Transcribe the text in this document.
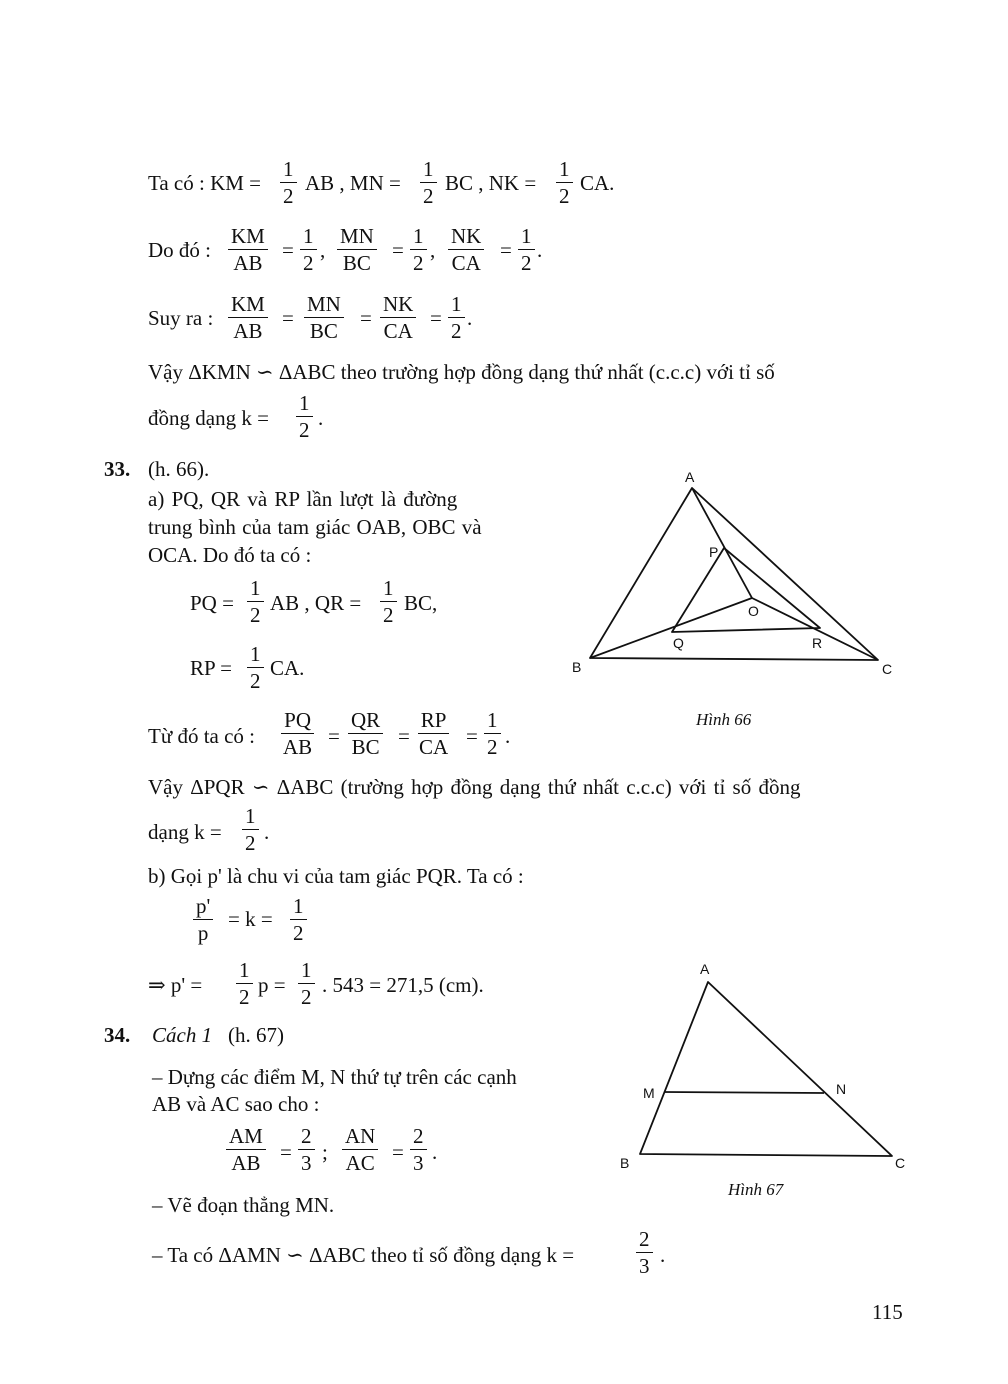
Ta có : KM =
1
2
AB , MN =
1
2
BC , NK =
1
2
CA.
Do đó :
KM
AB
=
1
2
,
MN
BC
=
1
2
,
NK
CA
=
1
2
.
Suy ra :
KM
AB
=
MN
BC
=
NK
CA
=
1
2
.
Vậy ΔKMN ∽ ΔABC theo trường hợp đồng dạng thứ nhất (c.c.c) với tỉ số
đồng dạng k =
1
2 .
33. (h. 66).
a) PQ, QR và RP lần lượt là đường
trung bình của tam giác OAB, OBC và
OCA. Do đó ta có :
PQ =
1
2 AB , QR =
1
2 BC,
RP =
1
2
CA.
Từ đó ta có :
PQ
AB =
QR
BC =
RP
CA =
1
2 .
Vậy ΔPQR ∽ ΔABC (trường hợp đồng dạng thứ nhất c.c.c) với tỉ số đồng
dạng k =
1
2 .
b) Gọi p' là chu vi của tam giác PQR. Ta có :
p'
p
= k =
1
2
⇒ p' =
1
2 p =
1
2 . 543 = 271,5 (cm).
34. Cách 1 (h. 67)
– Dựng các điểm M, N thứ tự trên các cạnh
AB và AC sao cho :
AM
AB =
2
3 ;
AN
AC =
2
3 .
– Vẽ đoạn thẳng MN.
– Ta có ΔAMN ∽ ΔABC theo tỉ số đồng dạng k =
2
3 .
A
B	C
P
Q	R
O
Hình 66
A
M	N
B	C
Hình 67
115
